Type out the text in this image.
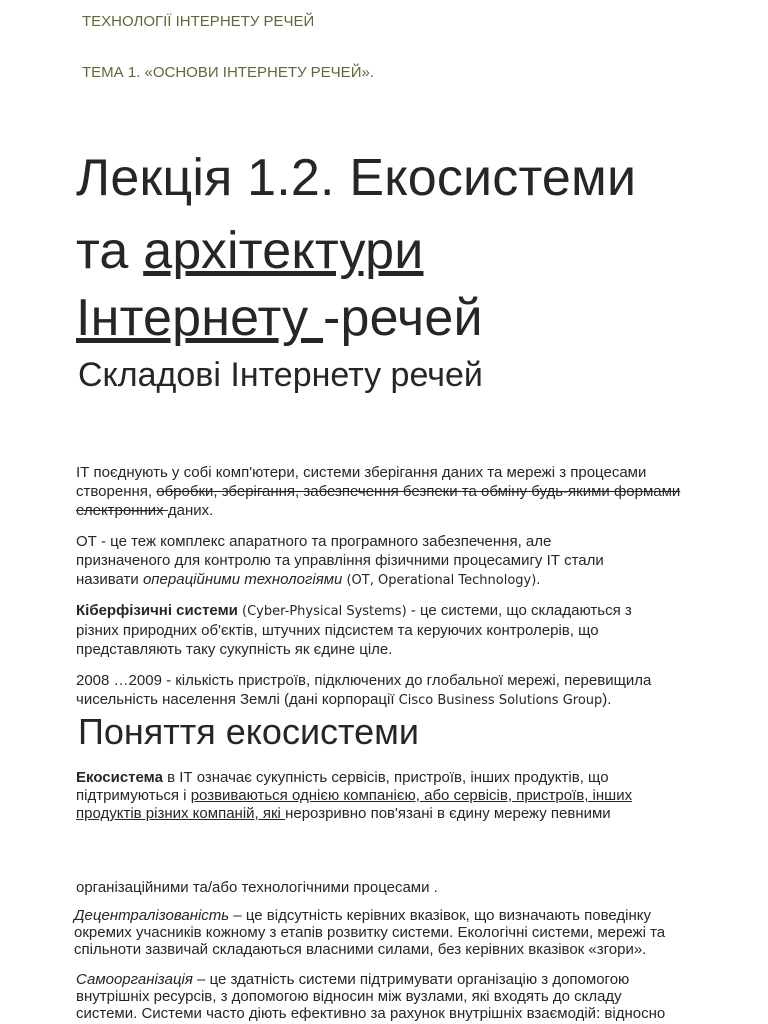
ТЕХНОЛОГІЇ ІНТЕРНЕТУ РЕЧЕЙ
ТЕМА 1. «ОСНОВИ ІНТЕРНЕТУ РЕЧЕЙ».
Лекція 1.2. Екосистеми
та архітектури
Інтернету -речей
Складові Інтернету речей
ІТ поєднують у собі комп'ютери, системи зберігання даних та мережі з процесами
створення, обробки, зберігання, забезпечення безпеки та обміну будь-якими формами
електронних даних.
ОТ - це теж комплекс апаратного та програмного забезпечення, але
призначеного для контролю та управління фізичними процесамигу ІТ стали
називати операційними технологіями (OT, Operational Technology).
Кіберфізичні системи (Cyber-Physical Systems) - це системи, що складаються з
різних природних об'єктів, штучних підсистем та керуючих контролерів, що
представляють таку сукупність як єдине ціле.
2008 …2009 - кількість пристроїв, підключених до глобальної мережі, перевищила
чисельність населення Землі (дані корпорації Cisco Business Solutions Group).
Поняття екосистеми
Екосистема в ІТ означає сукупність сервісів, пристроїв, інших продуктів, що
підтримуються і розвиваються однією компанією, або сервісів, пристроїв, інших
продуктів різних компаній, які нерозривно пов'язані в єдину мережу певними
організаційними та/або технологічними процесами .
Децентралізованість – це відсутність керівних вказівок, що визначають поведінку
окремих учасників кожному з етапів розвитку системи. Екологічні системи, мережі та
спільноти зазвичай складаються власними силами, без керівних вказівок «згори».
Самоорганізація – це здатність системи підтримувати організацію з допомогою
внутрішніх ресурсів, з допомогою відносин між вузлами, які входять до складу
системи. Системи часто діють ефективно за рахунок внутрішніх взаємодій: відносно
